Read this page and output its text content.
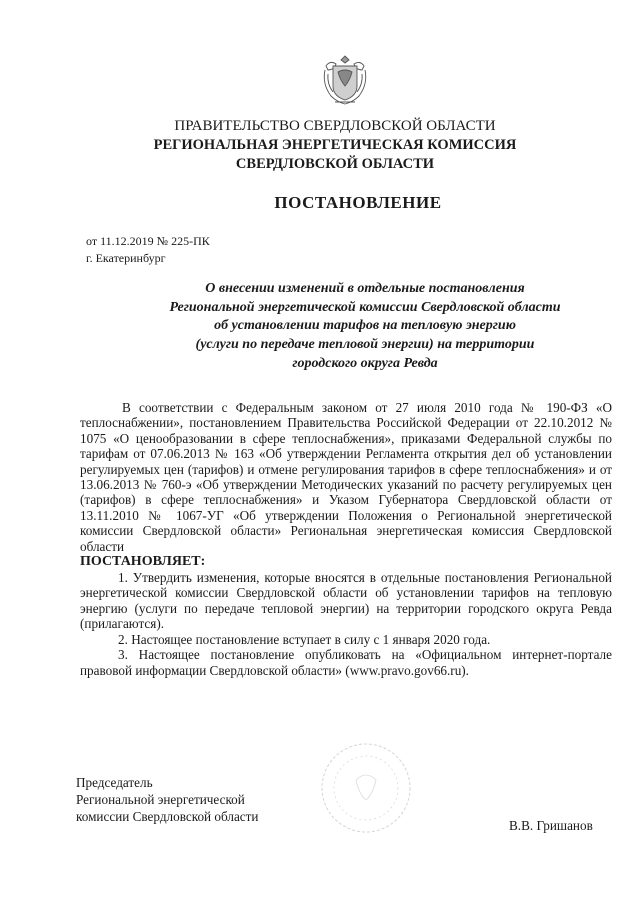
ПРАВИТЕЛЬСТВО СВЕРДЛОВСКОЙ ОБЛАСТИ
РЕГИОНАЛЬНАЯ ЭНЕРГЕТИЧЕСКАЯ КОМИССИЯ
СВЕРДЛОВСКОЙ ОБЛАСТИ
ПОСТАНОВЛЕНИЕ
от 11.12.2019 № 225-ПК
г. Екатеринбург
О внесении изменений в отдельные постановления
Региональной энергетической комиссии Свердловской области
об установлении тарифов на тепловую энергию
(услуги по передаче тепловой энергии) на территории
городского округа Ревда

В соответствии с Федеральным законом от 27 июля 2010 года № 190-ФЗ «О теплоснабжении», постановлением Правительства Российской Федерации от 22.10.2012 № 1075 «О ценообразовании в сфере теплоснабжения», приказами Федеральной службы по тарифам от 07.06.2013 № 163 «Об утверждении Регламента открытия дел об установлении регулируемых цен (тарифов) и отмене регулирования тарифов в сфере теплоснабжения» и от 13.06.2013 № 760-э «Об утверждении Методических указаний по расчету регулируемых цен (тарифов) в сфере теплоснабжения» и Указом Губернатора Свердловской области от 13.11.2010 № 1067-УГ «Об утверждении Положения о Региональной энергетической комиссии Свердловской области» Региональная энергетическая комиссия Свердловской области

ПОСТАНОВЛЯЕТ:

1. Утвердить изменения, которые вносятся в отдельные постановления Региональной энергетической комиссии Свердловской области об установлении тарифов на тепловую энергию (услуги по передаче тепловой энергии) на территории городского округа Ревда (прилагаются).

2. Настоящее постановление вступает в силу с 1 января 2020 года.

3. Настоящее постановление опубликовать на «Официальном интернет-портале правовой информации Свердловской области» (www.pravo.gov66.ru).

Председатель
Региональной энергетической
комиссии Свердловской области
В.В. Гришанов
